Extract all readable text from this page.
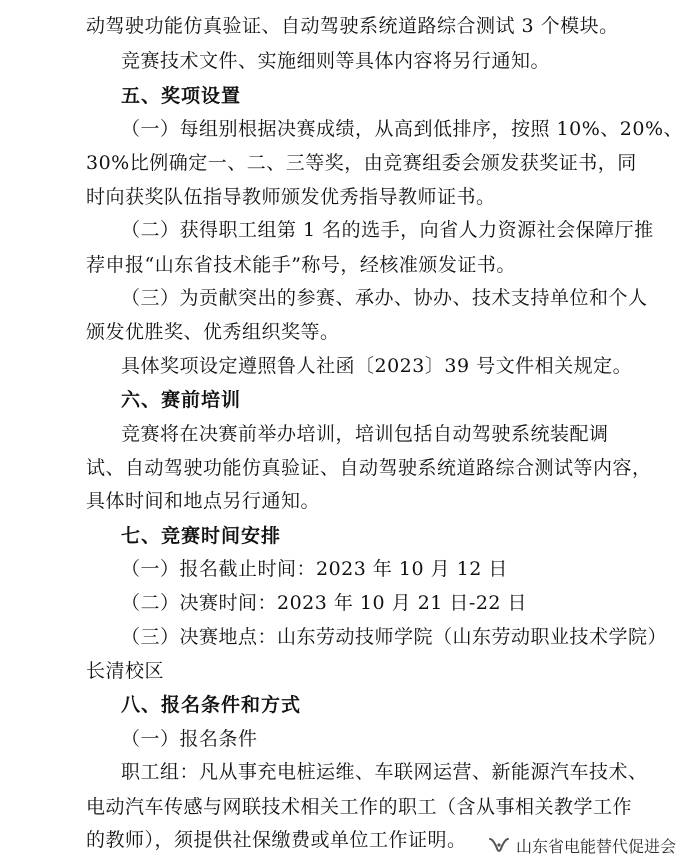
动驾驶功能仿真验证、自动驾驶系统道路综合测试 3 个模块。
竞赛技术文件、实施细则等具体内容将另行通知。
五、奖项设置
（一）每组别根据决赛成绩，从高到低排序，按照 10%、20%、
30%比例确定一、二、三等奖，由竞赛组委会颁发获奖证书，同
时向获奖队伍指导教师颁发优秀指导教师证书。
（二）获得职工组第 1 名的选手，向省人力资源社会保障厅推
荐申报“山东省技术能手”称号，经核准颁发证书。
（三）为贡献突出的参赛、承办、协办、技术支持单位和个人
颁发优胜奖、优秀组织奖等。
具体奖项设定遵照鲁人社函〔2023〕39 号文件相关规定。
六、赛前培训
竞赛将在决赛前举办培训，培训包括自动驾驶系统装配调
试、自动驾驶功能仿真验证、自动驾驶系统道路综合测试等内容，
具体时间和地点另行通知。
七、竞赛时间安排
（一）报名截止时间：2023 年 10 月 12 日
（二）决赛时间：2023 年 10 月 21 日-22 日
（三）决赛地点：山东劳动技师学院（山东劳动职业技术学院）
长清校区
八、报名条件和方式
（一）报名条件
职工组：凡从事充电桩运维、车联网运营、新能源汽车技术、
电动汽车传感与网联技术相关工作的职工（含从事相关教学工作
的教师），须提供社保缴费或单位工作证明。	山东省电能替代促进会
